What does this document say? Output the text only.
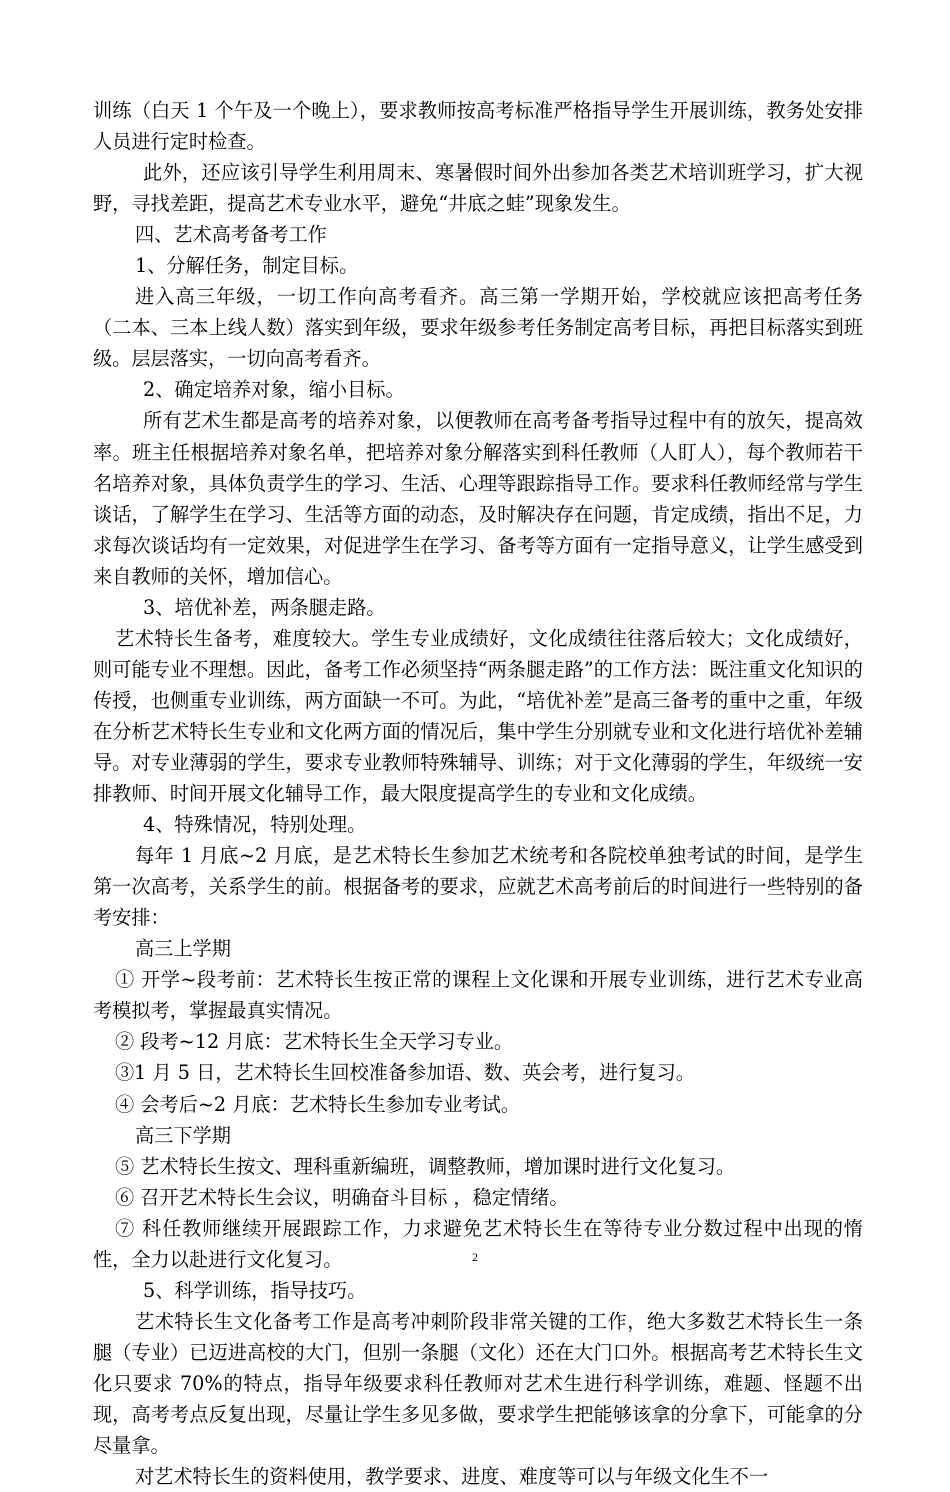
训练（白天 1 个午及一个晚上），要求教师按高考标准严格指导学生开展训练，教务处安排人员进行定时检查。

此外，还应该引导学生利用周末、寒暑假时间外出参加各类艺术培训班学习，扩大视野，寻找差距，提高艺术专业水平，避免“井底之蛙”现象发生。

四、艺术高考备考工作

1、分解任务，制定目标。

进入高三年级，一切工作向高考看齐。高三第一学期开始，学校就应该把高考任务（二本、三本上线人数）落实到年级，要求年级参考任务制定高考目标，再把目标落实到班级。层层落实，一切向高考看齐。

2、确定培养对象，缩小目标。

所有艺术生都是高考的培养对象，以便教师在高考备考指导过程中有的放矢，提高效率。班主任根据培养对象名单，把培养对象分解落实到科任教师（人盯人），每个教师若干名培养对象，具体负责学生的学习、生活、心理等跟踪指导工作。要求科任教师经常与学生谈话，了解学生在学习、生活等方面的动态，及时解决存在问题，肯定成绩，指出不足，力求每次谈话均有一定效果，对促进学生在学习、备考等方面有一定指导意义，让学生感受到来自教师的关怀，增加信心。

3、培优补差，两条腿走路。

艺术特长生备考，难度较大。学生专业成绩好，文化成绩往往落后较大；文化成绩好，则可能专业不理想。因此，备考工作必须坚持“两条腿走路”的工作方法：既注重文化知识的传授，也侧重专业训练，两方面缺一不可。为此，“培优补差”是高三备考的重中之重，年级在分析艺术特长生专业和文化两方面的情况后，集中学生分别就专业和文化进行培优补差辅导。对专业薄弱的学生，要求专业教师特殊辅导、训练；对于文化薄弱的学生，年级统一安排教师、时间开展文化辅导工作，最大限度提高学生的专业和文化成绩。

4、特殊情况，特别处理。

每年 1 月底~2 月底，是艺术特长生参加艺术统考和各院校单独考试的时间，是学生第一次高考，关系学生的前。根据备考的要求，应就艺术高考前后的时间进行一些特别的备考安排：

高三上学期

① 开学~段考前：艺术特长生按正常的课程上文化课和开展专业训练，进行艺术专业高考模拟考，掌握最真实情况。

② 段考~12 月底：艺术特长生全天学习专业。

③1 月 5 日，艺术特长生回校准备参加语、数、英会考，进行复习。

④ 会考后~2 月底：艺术特长生参加专业考试。

高三下学期

⑤ 艺术特长生按文、理科重新编班，调整教师，增加课时进行文化复习。

⑥ 召开艺术特长生会议，明确奋斗目标 ，稳定情绪。

⑦ 科任教师继续开展跟踪工作，力求避免艺术特长生在等待专业分数过程中出现的惰性，全力以赴进行文化复习。

5、科学训练，指导技巧。

艺术特长生文化备考工作是高考冲刺阶段非常关键的工作，绝大多数艺术特长生一条腿（专业）已迈进高校的大门，但别一条腿（文化）还在大门口外。根据高考艺术特长生文化只要求 70%的特点，指导年级要求科任教师对艺术生进行科学训练，难题、怪题不出现，高考考点反复出现，尽量让学生多见多做，要求学生把能够该拿的分拿下，可能拿的分尽量拿。

对艺术特长生的资料使用，教学要求、进度、难度等可以与年级文化生不一

2
